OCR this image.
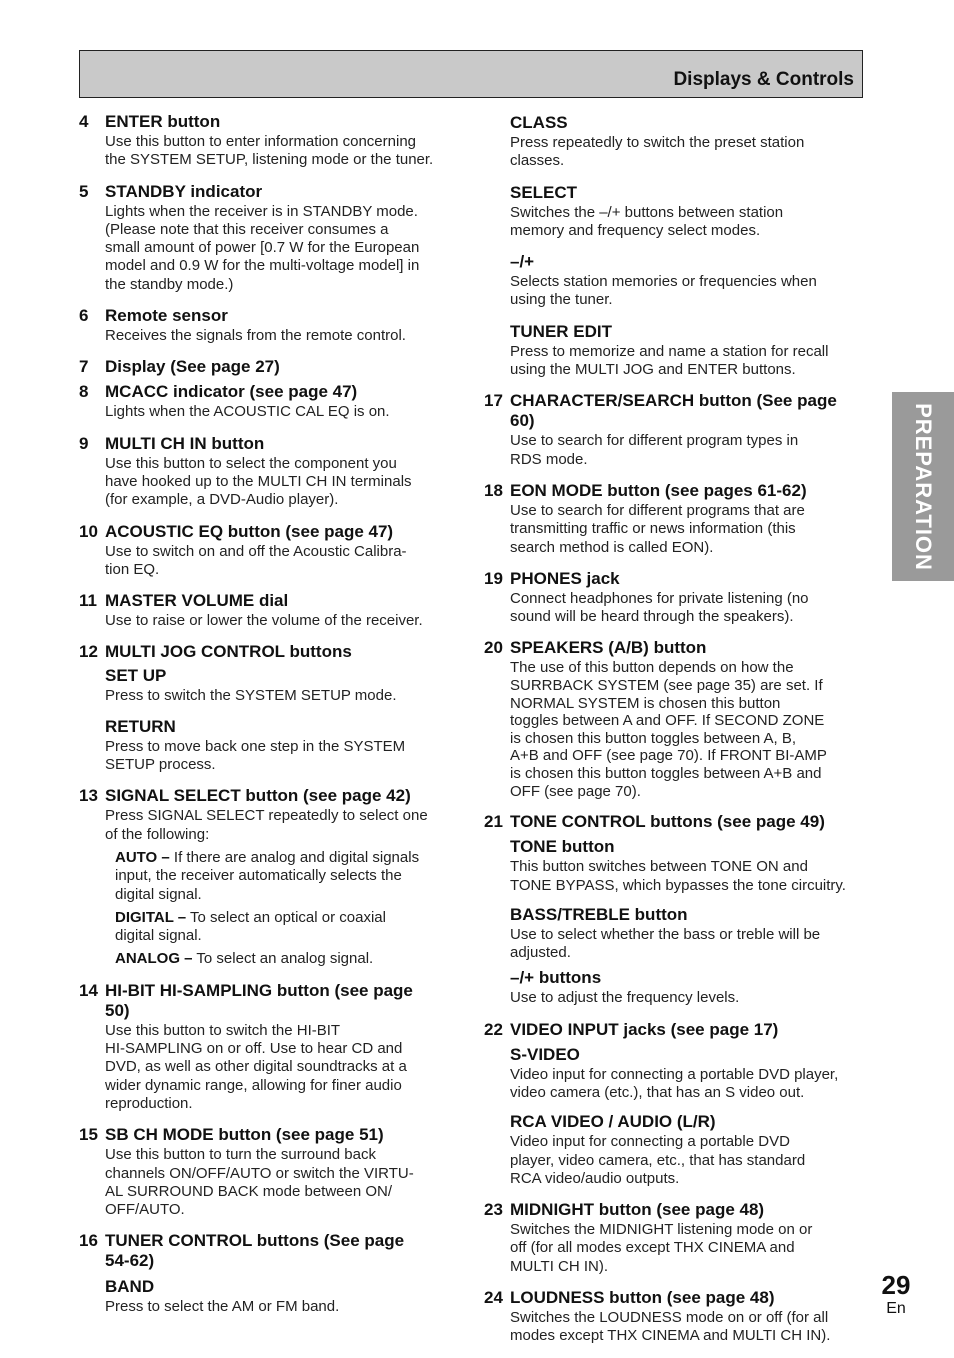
Displays & Controls
4 ENTER button
Use this button to enter information concerning
the SYSTEM SETUP, listening mode or the tuner.
5 STANDBY indicator
Lights when the receiver is in STANDBY mode.
(Please note that this receiver consumes a
small amount of power [0.7 W for the European
model and 0.9 W for the multi-voltage model] in
the standby mode.)
6 Remote sensor
Receives the signals from the remote control.
7 Display (See page 27)
8 MCACC indicator (see page 47)
Lights when the ACOUSTIC CAL EQ is on.
9 MULTI CH IN button
Use this button to select the component you
have hooked up to the MULTI CH IN terminals
(for example, a DVD-Audio player).
10 ACOUSTIC EQ button (see page 47)
Use to switch on and off the Acoustic Calibra-
tion EQ.
11 MASTER VOLUME dial
Use to raise or lower the volume of the receiver.
12 MULTI JOG CONTROL buttons
SET UP
Press to switch the SYSTEM SETUP mode.
RETURN
Press to move back one step in the SYSTEM
SETUP process.
13 SIGNAL SELECT button (see page 42)
Press SIGNAL SELECT repeatedly to select one
of the following:
AUTO – If there are analog and digital signals
input, the receiver automatically selects the
digital signal.
DIGITAL – To select an optical or coaxial
digital signal.
ANALOG – To select an analog signal.
14 HI-BIT HI-SAMPLING button (see page
50)
Use this button to switch the HI-BIT
HI-SAMPLING on or off. Use to hear CD and
DVD, as well as other digital soundtracks at a
wider dynamic range, allowing for finer audio
reproduction.
15 SB CH MODE button (see page 51)
Use this button to turn the surround back
channels ON/OFF/AUTO or switch the VIRTU-
AL SURROUND BACK mode between ON/
OFF/AUTO.
16 TUNER CONTROL buttons (See page
54-62)
BAND
Press to select the AM or FM band.
CLASS
Press repeatedly to switch the preset station
classes.
SELECT
Switches the –/+ buttons between station
memory and frequency select modes.
–/+
Selects station memories or frequencies when
using the tuner.
TUNER EDIT
Press to memorize and name a station for recall
using the MULTI JOG and ENTER buttons.
17 CHARACTER/SEARCH button (See page
60)
Use to search for different program types in
RDS mode.
18 EON MODE button (see pages 61-62)
Use to search for different programs that are
transmitting traffic or news information (this
search method is called EON).
19 PHONES jack
Connect headphones for private listening (no
sound will be heard through the speakers).
20 SPEAKERS (A/B) button
The use of this button depends on how the
SURRBACK SYSTEM (see page 35) are set. If
NORMAL SYSTEM is chosen this button
toggles between A and OFF. If SECOND ZONE
is chosen this button toggles between A, B,
A+B and OFF (see page 70). If FRONT BI-AMP
is chosen this button toggles between A+B and
OFF (see page 70).
21 TONE CONTROL buttons (see page 49)
TONE button
This button switches between TONE ON and
TONE BYPASS, which bypasses the tone circuitry.
BASS/TREBLE button
Use to select whether the bass or treble will be
adjusted.
–/+ buttons
Use to adjust the frequency levels.
22 VIDEO INPUT jacks (see page 17)
S-VIDEO
Video input for connecting a portable DVD player,
video camera (etc.), that has an S video out.
RCA VIDEO / AUDIO (L/R)
Video input for connecting a portable DVD
player, video camera, etc., that has standard
RCA video/audio outputs.
23 MIDNIGHT button (see page 48)
Switches the MIDNIGHT listening mode on or
off (for all modes except THX CINEMA and
MULTI CH IN).
24 LOUDNESS button (see page 48)
Switches the LOUDNESS mode on or off (for all
modes except THX CINEMA and MULTI CH IN).
PREPARATION
29
En
